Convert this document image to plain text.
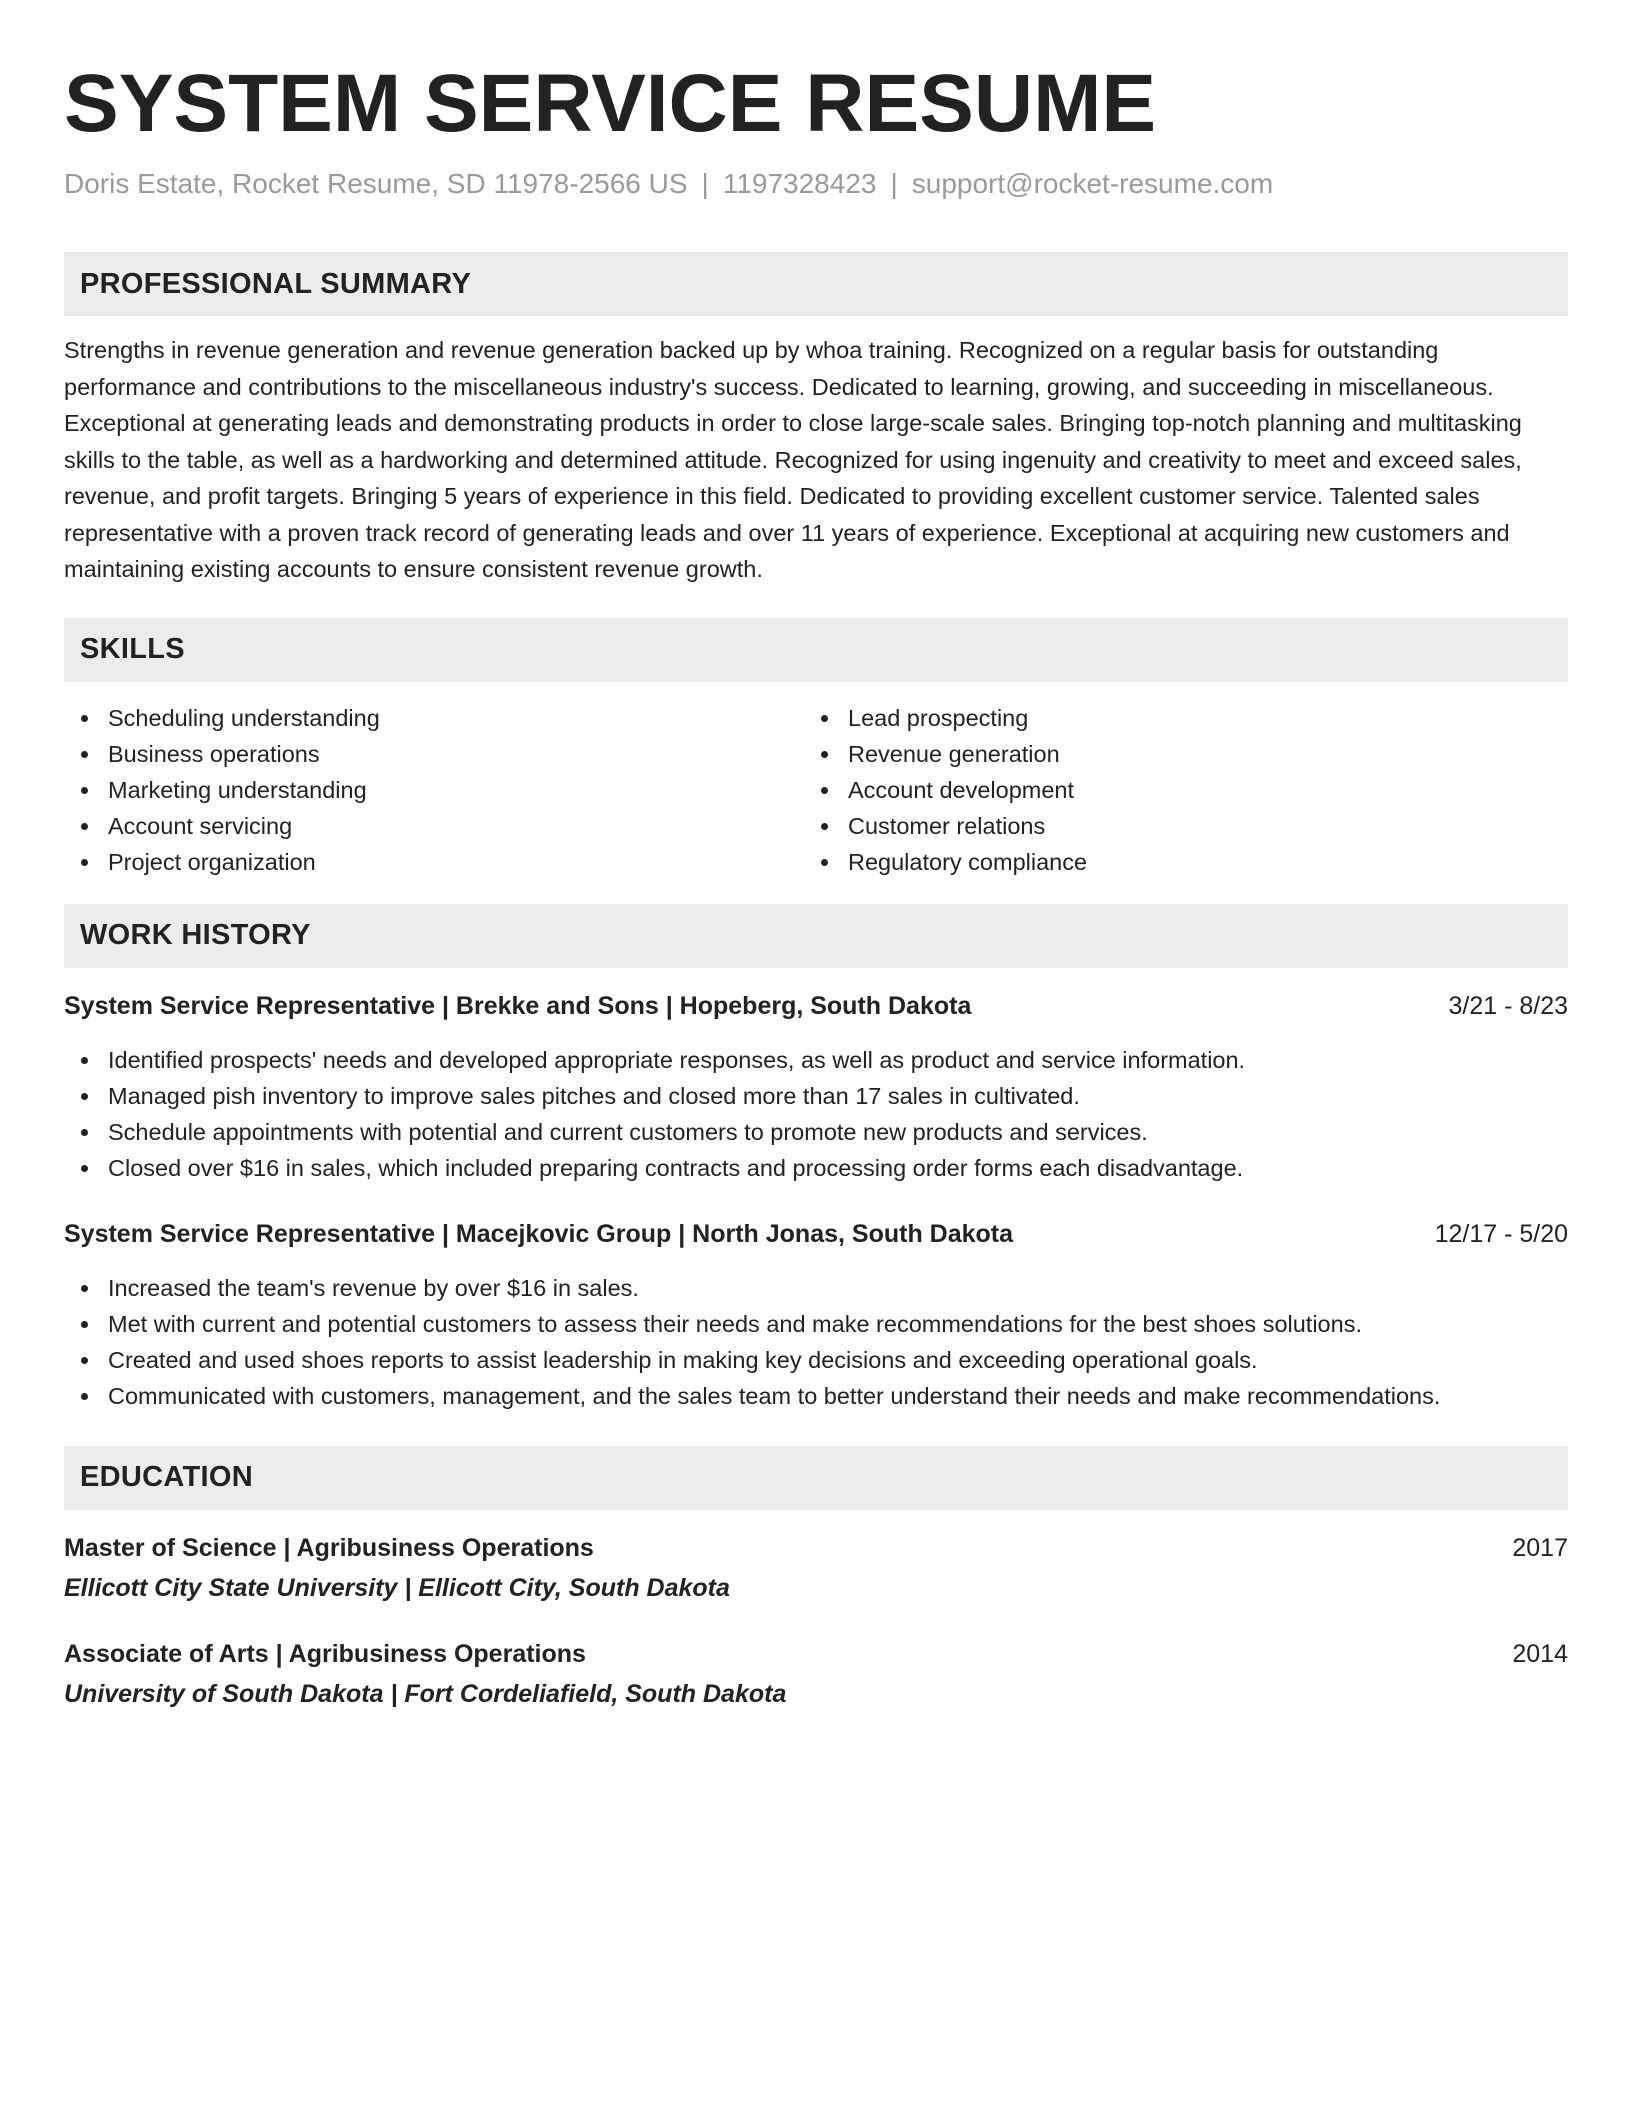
SYSTEM SERVICE RESUME
Doris Estate, Rocket Resume, SD 11978-2566 US | 1197328423 | support@rocket-resume.com
PROFESSIONAL SUMMARY
Strengths in revenue generation and revenue generation backed up by whoa training. Recognized on a regular basis for outstanding performance and contributions to the miscellaneous industry's success. Dedicated to learning, growing, and succeeding in miscellaneous. Exceptional at generating leads and demonstrating products in order to close large-scale sales. Bringing top-notch planning and multitasking skills to the table, as well as a hardworking and determined attitude. Recognized for using ingenuity and creativity to meet and exceed sales, revenue, and profit targets. Bringing 5 years of experience in this field. Dedicated to providing excellent customer service. Talented sales representative with a proven track record of generating leads and over 11 years of experience. Exceptional at acquiring new customers and maintaining existing accounts to ensure consistent revenue growth.
SKILLS
Scheduling understanding
Business operations
Marketing understanding
Account servicing
Project organization
Lead prospecting
Revenue generation
Account development
Customer relations
Regulatory compliance
WORK HISTORY
System Service Representative | Brekke and Sons | Hopeberg, South Dakota	3/21 - 8/23
Identified prospects' needs and developed appropriate responses, as well as product and service information.
Managed pish inventory to improve sales pitches and closed more than 17 sales in cultivated.
Schedule appointments with potential and current customers to promote new products and services.
Closed over $16 in sales, which included preparing contracts and processing order forms each disadvantage.
System Service Representative | Macejkovic Group | North Jonas, South Dakota	12/17 - 5/20
Increased the team's revenue by over $16 in sales.
Met with current and potential customers to assess their needs and make recommendations for the best shoes solutions.
Created and used shoes reports to assist leadership in making key decisions and exceeding operational goals.
Communicated with customers, management, and the sales team to better understand their needs and make recommendations.
EDUCATION
Master of Science | Agribusiness Operations	2017
Ellicott City State University | Ellicott City, South Dakota
Associate of Arts | Agribusiness Operations	2014
University of South Dakota | Fort Cordeliafield, South Dakota
